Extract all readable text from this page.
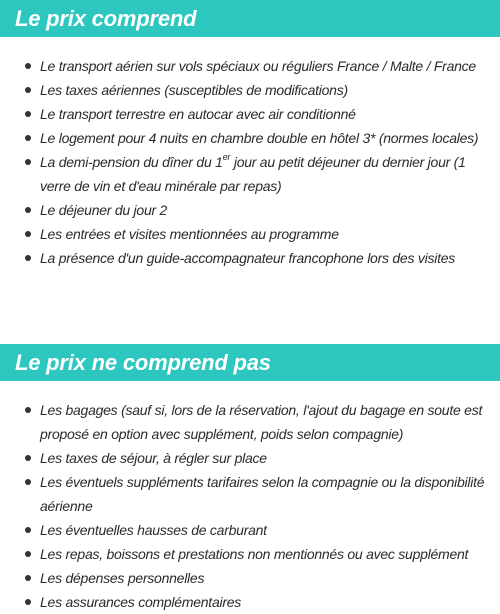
Le prix comprend
Le transport aérien sur vols spéciaux ou réguliers France / Malte / France
Les taxes aériennes (susceptibles de modifications)
Le transport terrestre en autocar avec air conditionné
Le logement pour 4 nuits en chambre double en hôtel 3* (normes locales)
La demi-pension du dîner du 1er jour au petit déjeuner du dernier jour (1 verre de vin et d'eau minérale par repas)
Le déjeuner du jour 2
Les entrées et visites mentionnées au programme
La présence d'un guide-accompagnateur francophone lors des visites
Le prix ne comprend pas
Les bagages (sauf si, lors de la réservation, l'ajout du bagage en soute est proposé en option avec supplément, poids selon compagnie)
Les taxes de séjour, à régler sur place
Les éventuels suppléments tarifaires selon la compagnie ou la disponibilité aérienne
Les éventuelles hausses de carburant
Les repas, boissons et prestations non mentionnés ou avec supplément
Les dépenses personnelles
Les assurances complémentaires
